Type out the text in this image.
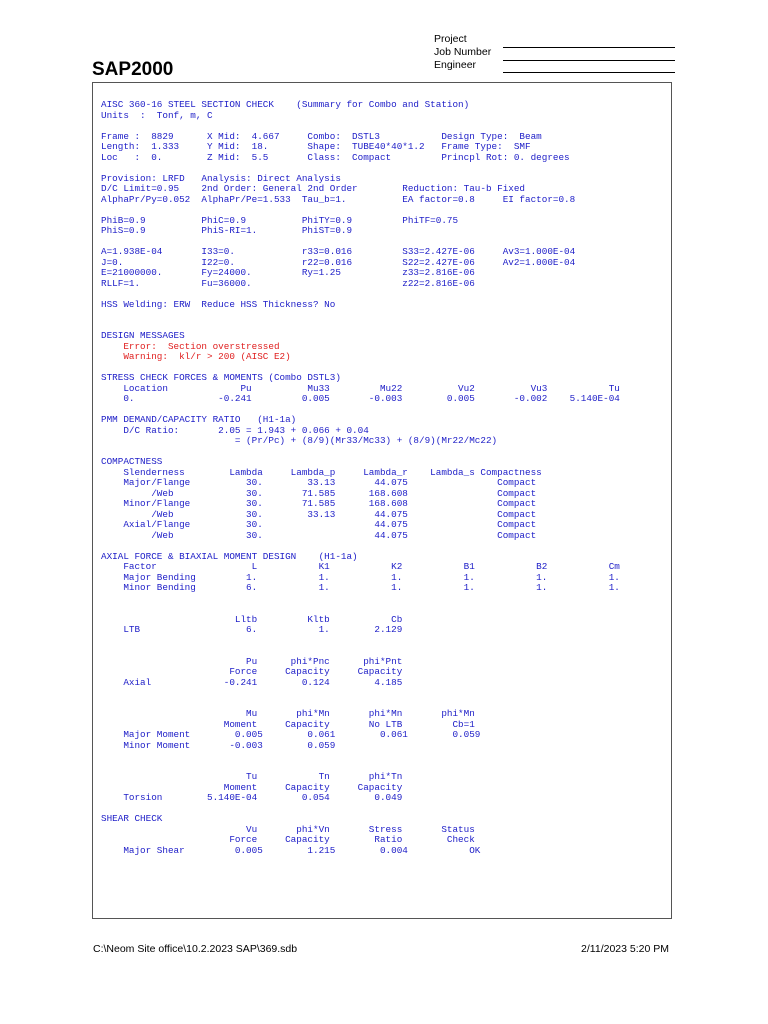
Project
Job Number
Engineer
SAP2000
AISC 360-16 STEEL SECTION CHECK    (Summary for Combo and Station)
Units  :  Tonf, m, C

Frame :  8829      X Mid:  4.667     Combo:  DSTL3           Design Type:  Beam
Length:  1.333     Y Mid:  18.       Shape:  TUBE40*40*1.2   Frame Type:  SMF
Loc   :  0.        Z Mid:  5.5       Class:  Compact         Princpl Rot: 0. degrees

Provision: LRFD   Analysis: Direct Analysis
D/C Limit=0.95    2nd Order: General 2nd Order        Reduction: Tau-b Fixed
AlphaPr/Py=0.052  AlphaPr/Pe=1.533  Tau_b=1.          EA factor=0.8     EI factor=0.8

PhiB=0.9          PhiC=0.9          PhiTY=0.9         PhiTF=0.75
PhiS=0.9          PhiS-RI=1.        PhiST=0.9

A=1.938E-04       I33=0.            r33=0.016         S33=2.427E-06     Av3=1.000E-04
J=0.              I22=0.            r22=0.016         S22=2.427E-06     Av2=1.000E-04
E=21000000.       Fy=24000.         Ry=1.25           z33=2.816E-06
RLLF=1.           Fu=36000.                           z22=2.816E-06

HSS Welding: ERW  Reduce HSS Thickness? No

DESIGN MESSAGES
Error:  Section overstressed
Warning:  kl/r > 200 (AISC E2)

STRESS CHECK FORCES & MOMENTS (Combo DSTL3)
Location             Pu          Mu33         Mu22          Vu2          Vu3           Tu
0.               -0.241         0.005       -0.003        0.005       -0.002    5.140E-04

PMM DEMAND/CAPACITY RATIO   (H1-1a)
D/C Ratio:       2.05 = 1.943 + 0.066 + 0.04
= (Pr/Pc) + (8/9)(Mr33/Mc33) + (8/9)(Mr22/Mc22)

COMPACTNESS
Slenderness        Lambda     Lambda_p     Lambda_r    Lambda_s Compactness
Major/Flange          30.        33.13       44.075                Compact
/Web             30.       71.585      168.608                Compact
Minor/Flange          30.       71.585      168.608                Compact
/Web             30.        33.13       44.075                Compact
Axial/Flange          30.                    44.075                Compact
/Web             30.                    44.075                Compact

AXIAL FORCE & BIAXIAL MOMENT DESIGN    (H1-1a)
Factor                 L           K1           K2           B1           B2           Cm
Major Bending         1.           1.           1.           1.           1.           1.
Minor Bending         6.           1.           1.           1.           1.           1.

Lltb         Kltb           Cb
LTB                   6.           1.        2.129

Pu      phi*Pnc      phi*Pnt
Force     Capacity     Capacity
Axial             -0.241        0.124        4.185

Mu       phi*Mn       phi*Mn       phi*Mn
Moment     Capacity       No LTB         Cb=1
Major Moment        0.005        0.061        0.061        0.059
Minor Moment       -0.003        0.059

Tu           Tn       phi*Tn
Moment     Capacity     Capacity
Torsion        5.140E-04        0.054        0.049

SHEAR CHECK
Vu       phi*Vn       Stress       Status
Force     Capacity        Ratio        Check
Major Shear         0.005        1.215        0.004           OK
C:\Neom Site office\10.2.2023 SAP\369.sdb	2/11/2023 5:20 PM
